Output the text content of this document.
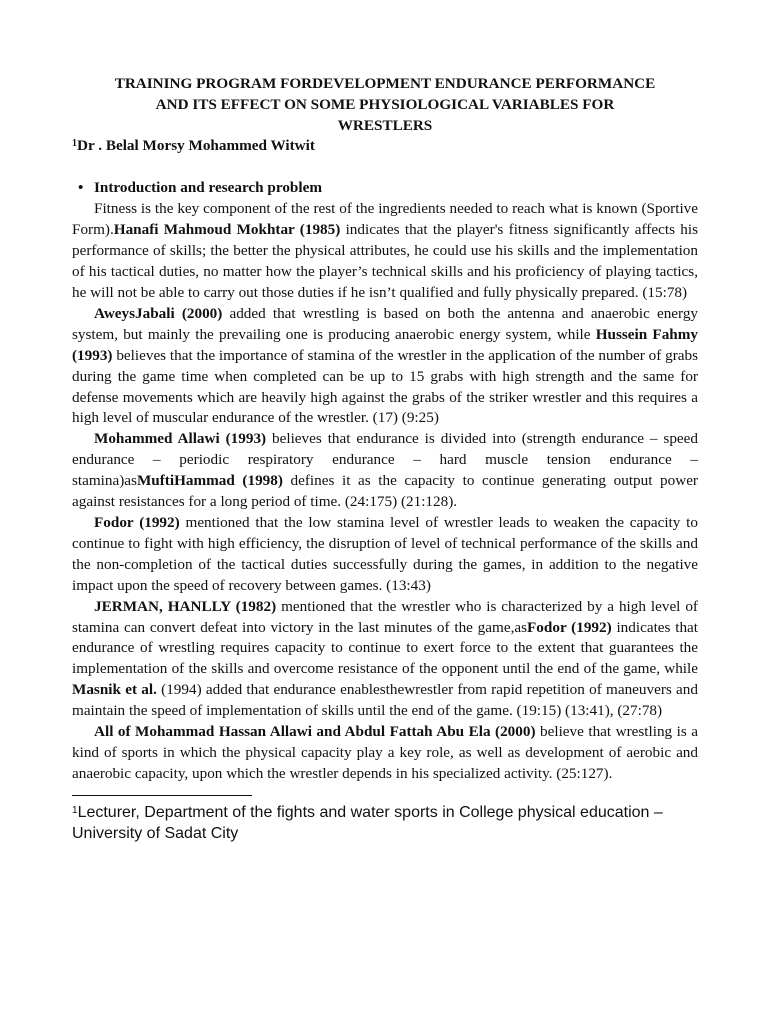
TRAINING PROGRAM FORDEVELOPMENT ENDURANCE PERFORMANCE
AND ITS EFFECT ON SOME PHYSIOLOGICAL VARIABLES FOR
WRESTLERS
$^1$Dr . Belal Morsy Mohammed Witwit
• Introduction and research problem

Fitness is the key component of the rest of the ingredients needed to reach what is known (Sportive Form).Hanafi Mahmoud Mokhtar (1985) indicates that the player's fitness significantly affects his performance of skills; the better the physical attributes, he could use his skills and the implementation of his tactical duties, no matter how the player’s technical skills and his proficiency of playing tactics, he will not be able to carry out those duties if he isn’t qualified and fully physically prepared. (15:78)

AweysJabali (2000) added that wrestling is based on both the antenna and anaerobic energy system, but mainly the prevailing one is producing anaerobic energy system, while Hussein Fahmy (1993) believes that the importance of stamina of the wrestler in the application of the number of grabs during the game time when completed can be up to 15 grabs with high strength and the same for defense movements which are heavily high against the grabs of the striker wrestler and this requires a high level of muscular endurance of the wrestler. (17) (9:25)

Mohammed Allawi (1993) believes that endurance is divided into (strength endurance – speed endurance – periodic respiratory endurance – hard muscle tension endurance – stamina)asMuftiHammad (1998) defines it as the capacity to continue generating output power against resistances for a long period of time. (24:175) (21:128).

Fodor (1992) mentioned that the low stamina level of wrestler leads to weaken the capacity to continue to fight with high efficiency, the disruption of level of technical performance of the skills and the non-completion of the tactical duties successfully during the games, in addition to the negative impact upon the speed of recovery between games. (13:43)

JERMAN, HANLLY (1982) mentioned that the wrestler who is characterized by a high level of stamina can convert defeat into victory in the last minutes of the game,asFodor (1992) indicates that endurance of wrestling requires capacity to continue to exert force to the extent that guarantees the implementation of the skills and overcome resistance of the opponent until the end of the game, while Masnik et al. (1994) added that endurance enablesthewrestler from rapid repetition of maneuvers and maintain the speed of implementation of skills until the end of the game. (19:15) (13:41), (27:78)

All of Mohammad Hassan Allawi and Abdul Fattah Abu Ela (2000) believe that wrestling is a kind of sports in which the physical capacity play a key role, as well as development of aerobic and anaerobic capacity, upon which the wrestler depends in his specialized activity. (25:127).

$^1$Lecturer, Department of the fights and water sports in College physical education – University of Sadat City
